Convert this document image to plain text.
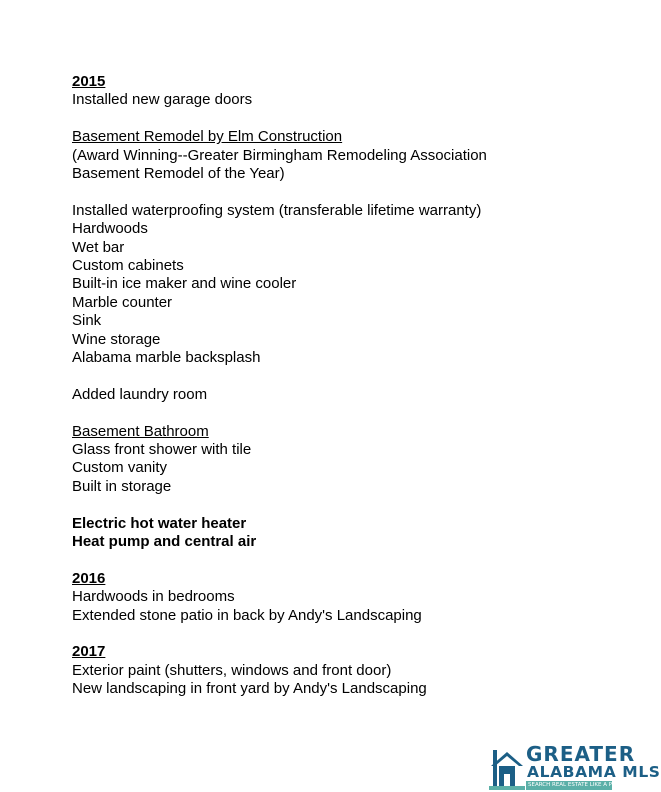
2015
Installed new garage doors
Basement Remodel by Elm Construction
(Award Winning--Greater Birmingham Remodeling Association
Basement Remodel of the Year)
Installed waterproofing system (transferable lifetime warranty)
Hardwoods
Wet bar
Custom cabinets
Built-in ice maker and wine cooler
Marble counter
Sink
Wine storage
Alabama marble backsplash
Added laundry room
Basement Bathroom
Glass front shower with tile
Custom vanity
Built in storage
Electric hot water heater
Heat pump and central air
2016
Hardwoods in bedrooms
Extended stone patio in back by Andy's Landscaping
2017
Exterior paint (shutters, windows and front door)
New landscaping in front yard by Andy's Landscaping
GREATER
ALABAMA MLS
SEARCH REAL ESTATE LIKE A PRO
